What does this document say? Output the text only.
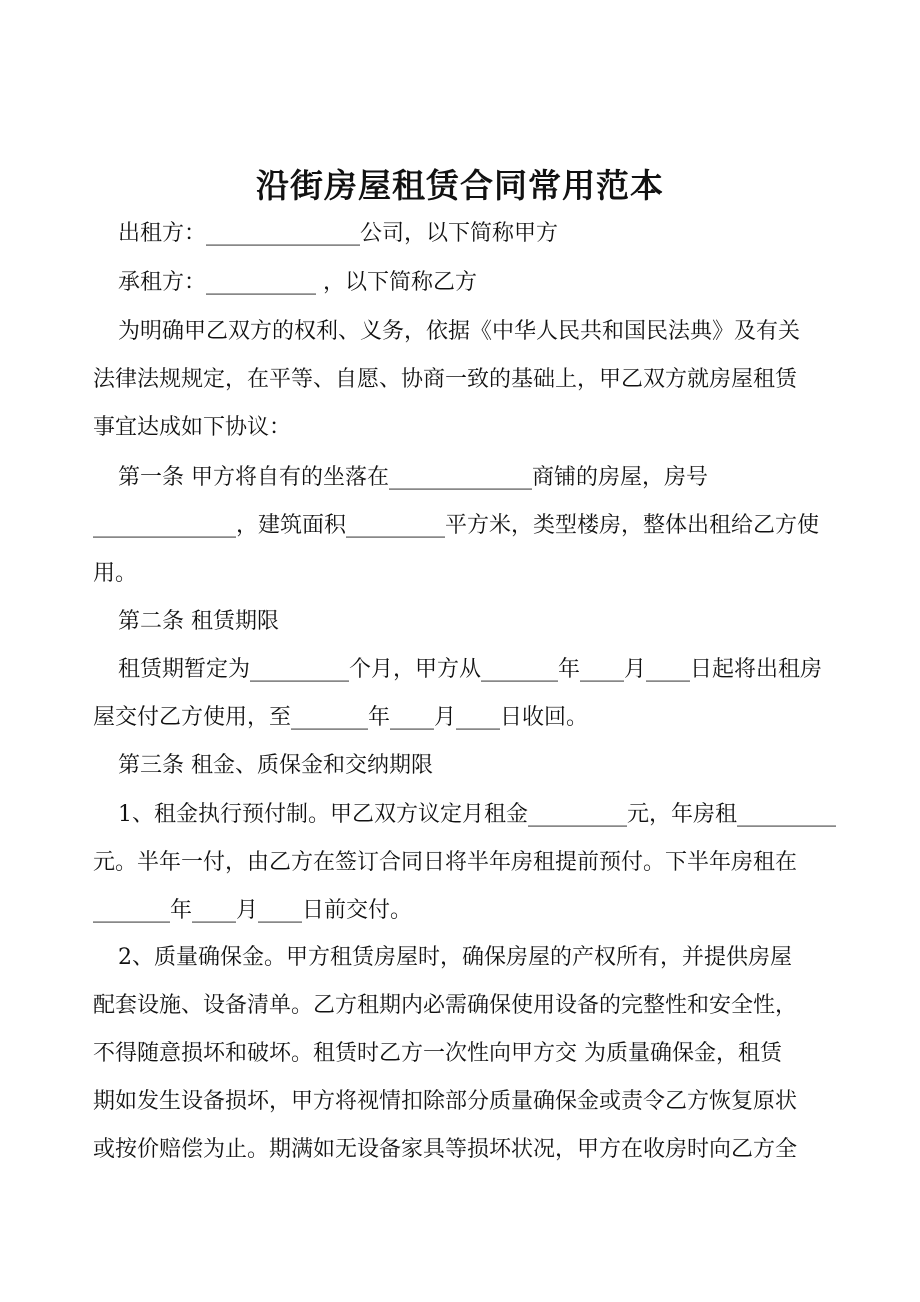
沿街房屋租赁合同常用范本
出租方：______________公司，以下简称甲方
承租方：__________ ，以下简称乙方
为明确甲乙双方的权利、义务，依据《中华人民共和国民法典》及有关
法律法规规定，在平等、自愿、协商一致的基础上，甲乙双方就房屋租赁
事宜达成如下协议：
第一条 甲方将自有的坐落在_____________商铺的房屋，房号
_____________，建筑面积_________平方米，类型楼房，整体出租给乙方使
用。
第二条 租赁期限
租赁期暂定为_________个月，甲方从_______年____月____日起将出租房
屋交付乙方使用，至_______年____月____日收回。
第三条 租金、质保金和交纳期限
1、租金执行预付制。甲乙双方议定月租金_________元，年房租_________
元。半年一付，由乙方在签订合同日将半年房租提前预付。下半年房租在
_______年____月____日前交付。
2、质量确保金。甲方租赁房屋时，确保房屋的产权所有，并提供房屋
配套设施、设备清单。乙方租期内必需确保使用设备的完整性和安全性，
不得随意损坏和破坏。租赁时乙方一次性向甲方交 为质量确保金，租赁
期如发生设备损坏，甲方将视情扣除部分质量确保金或责令乙方恢复原状
或按价赔偿为止。期满如无设备家具等损坏状况，甲方在收房时向乙方全
